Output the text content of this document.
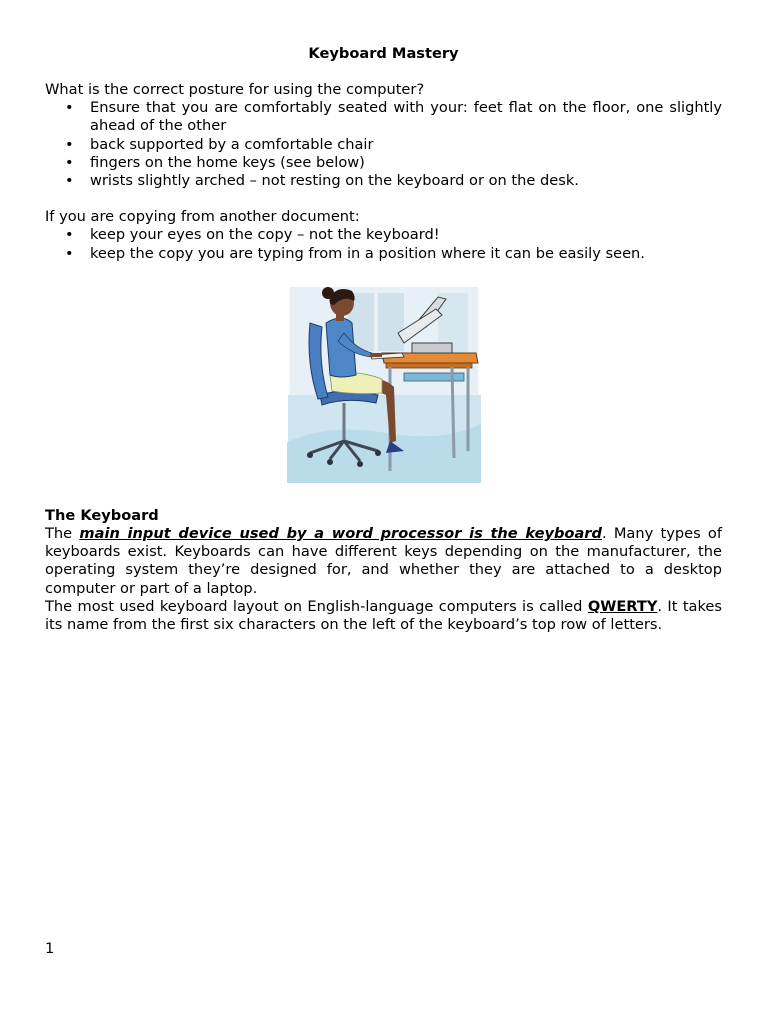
Keyboard Mastery

What is the correct posture for using the computer?

• Ensure that you are comfortably seated with your: feet flat on the floor, one slightly ahead of the other
• back supported by a comfortable chair
• fingers on the home keys (see below)
• wrists slightly arched – not resting on the keyboard or on the desk.

If you are copying from another document:

• keep your eyes on the copy – not the keyboard!
• keep the copy you are typing from in a position where it can be easily seen.

The Keyboard

The main input device used by a word processor is the keyboard. Many types of keyboards exist. Keyboards can have different keys depending on the manufacturer, the operating system they’re designed for, and whether they are attached to a desktop computer or part of a laptop.

The most used keyboard layout on English-language computers is called QWERTY. It takes its name from the first six characters on the left of the keyboard’s top row of letters.

1
